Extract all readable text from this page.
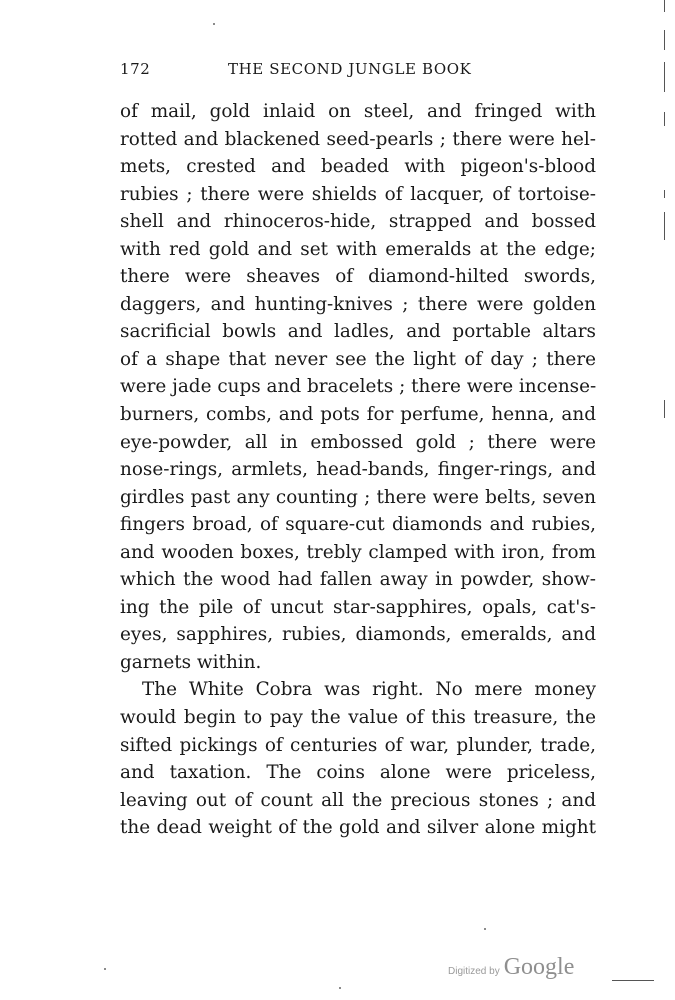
172	THE SECOND JUNGLE BOOK
of mail, gold inlaid on steel, and fringed with
rotted and blackened seed-pearls ; there were hel-
mets, crested and beaded with pigeon's-blood
rubies ; there were shields of lacquer, of tortoise-
shell and rhinoceros-hide, strapped and bossed
with red gold and set with emeralds at the edge;
there were sheaves of diamond-hilted swords,
daggers, and hunting-knives ; there were golden
sacrificial bowls and ladles, and portable altars
of a shape that never see the light of day ; there
were jade cups and bracelets ; there were incense-
burners, combs, and pots for perfume, henna, and
eye-powder, all in embossed gold ; there were
nose-rings, armlets, head-bands, finger-rings, and
girdles past any counting ; there were belts, seven
fingers broad, of square-cut diamonds and rubies,
and wooden boxes, trebly clamped with iron, from
which the wood had fallen away in powder, show-
ing the pile of uncut star-sapphires, opals, cat's-
eyes, sapphires, rubies, diamonds, emeralds, and
garnets within.
The White Cobra was right. No mere money
would begin to pay the value of this treasure, the
sifted pickings of centuries of war, plunder, trade,
and taxation. The coins alone were priceless,
leaving out of count all the precious stones ; and
the dead weight of the gold and silver alone might
Digitized by Google
